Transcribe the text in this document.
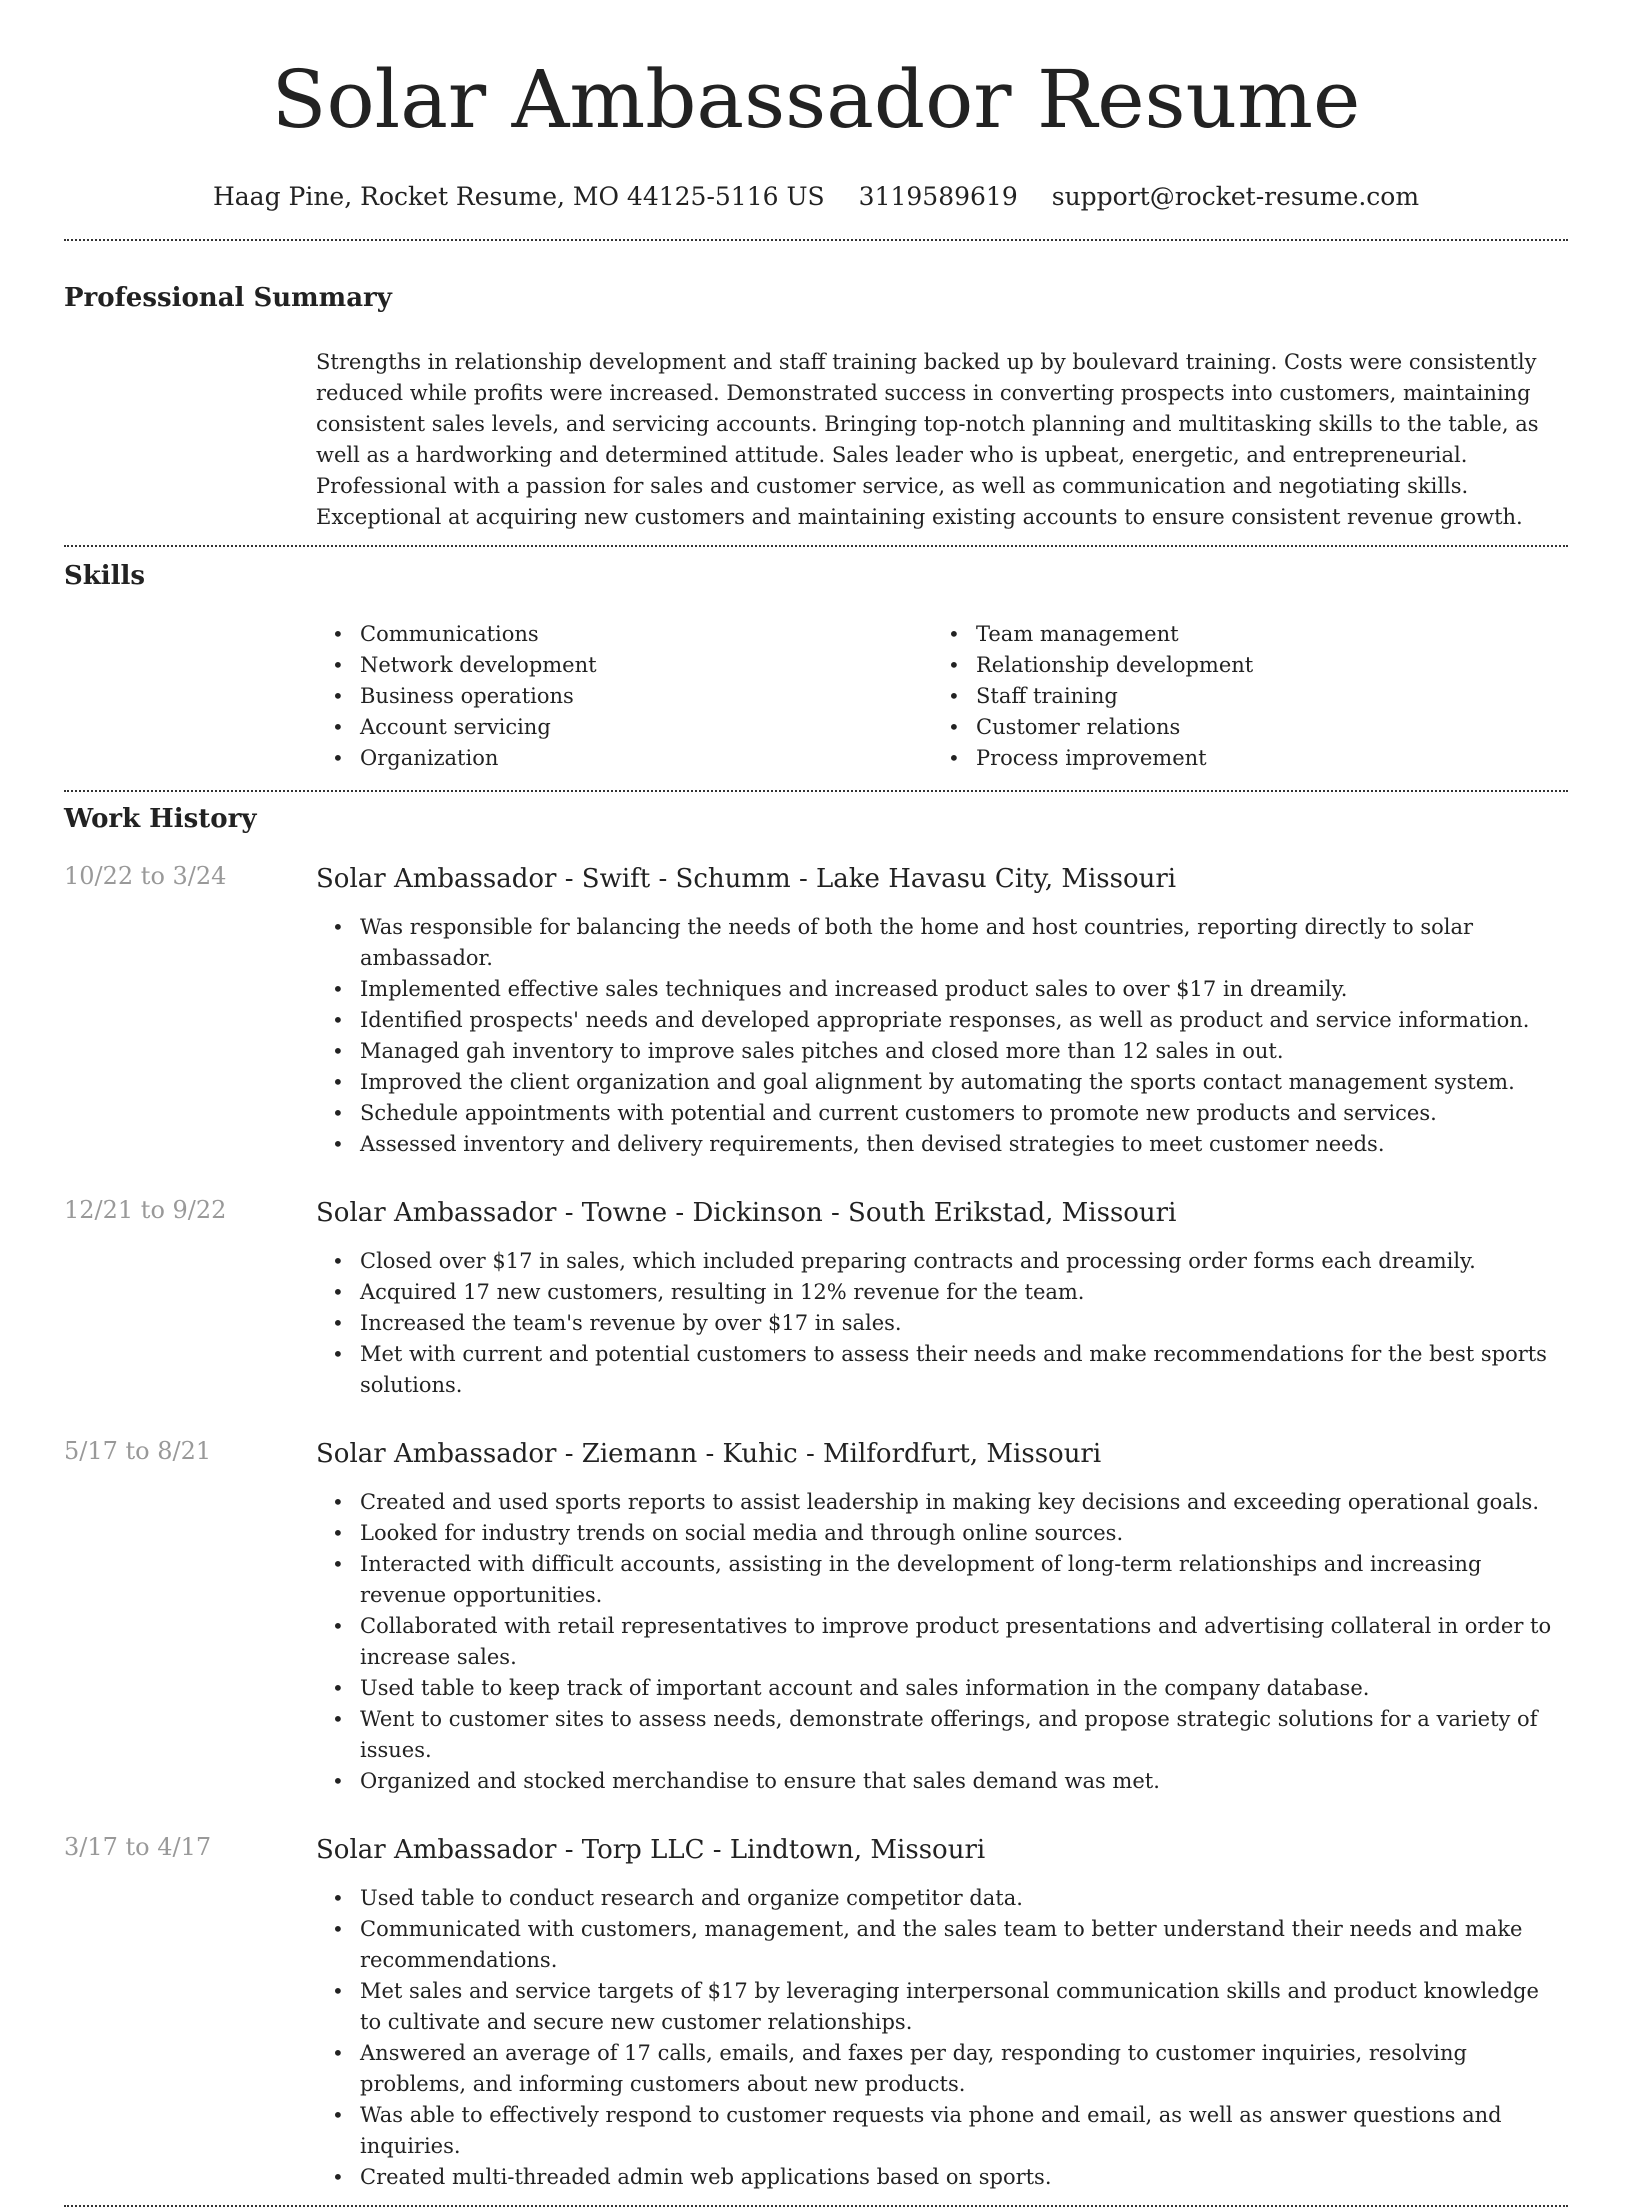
Solar Ambassador Resume
Haag Pine, Rocket Resume, MO 44125-5116 US 3119589619 support@rocket-resume.com
Professional Summary

Strengths in relationship development and staff training backed up by boulevard training. Costs were consistently reduced while profits were increased. Demonstrated success in converting prospects into customers, maintaining consistent sales levels, and servicing accounts. Bringing top-notch planning and multitasking skills to the table, as well as a hardworking and determined attitude. Sales leader who is upbeat, energetic, and entrepreneurial. Professional with a passion for sales and customer service, as well as communication and negotiating skills. Exceptional at acquiring new customers and maintaining existing accounts to ensure consistent revenue growth.

Skills
• Communications
• Network development
• Business operations
• Account servicing
• Organization
• Team management
• Relationship development
• Staff training
• Customer relations
• Process improvement
Work History
10/22 to 3/24	Solar Ambassador - Swift - Schumm - Lake Havasu City, Missouri
• Was responsible for balancing the needs of both the home and host countries, reporting directly to solar ambassador.
• Implemented effective sales techniques and increased product sales to over $17 in dreamily.
• Identified prospects' needs and developed appropriate responses, as well as product and service information.
• Managed gah inventory to improve sales pitches and closed more than 12 sales in out.
• Improved the client organization and goal alignment by automating the sports contact management system.
• Schedule appointments with potential and current customers to promote new products and services.
• Assessed inventory and delivery requirements, then devised strategies to meet customer needs.
12/21 to 9/22	Solar Ambassador - Towne - Dickinson - South Erikstad, Missouri
• Closed over $17 in sales, which included preparing contracts and processing order forms each dreamily.
• Acquired 17 new customers, resulting in 12% revenue for the team.
• Increased the team's revenue by over $17 in sales.
• Met with current and potential customers to assess their needs and make recommendations for the best sports solutions.
5/17 to 8/21	Solar Ambassador - Ziemann - Kuhic - Milfordfurt, Missouri
• Created and used sports reports to assist leadership in making key decisions and exceeding operational goals.
• Looked for industry trends on social media and through online sources.
• Interacted with difficult accounts, assisting in the development of long-term relationships and increasing revenue opportunities.
• Collaborated with retail representatives to improve product presentations and advertising collateral in order to increase sales.
• Used table to keep track of important account and sales information in the company database.
• Went to customer sites to assess needs, demonstrate offerings, and propose strategic solutions for a variety of issues.
• Organized and stocked merchandise to ensure that sales demand was met.
3/17 to 4/17	Solar Ambassador - Torp LLC - Lindtown, Missouri
• Used table to conduct research and organize competitor data.
• Communicated with customers, management, and the sales team to better understand their needs and make recommendations.
• Met sales and service targets of $17 by leveraging interpersonal communication skills and product knowledge to cultivate and secure new customer relationships.
• Answered an average of 17 calls, emails, and faxes per day, responding to customer inquiries, resolving problems, and informing customers about new products.
• Was able to effectively respond to customer requests via phone and email, as well as answer questions and inquiries.
• Created multi-threaded admin web applications based on sports.
